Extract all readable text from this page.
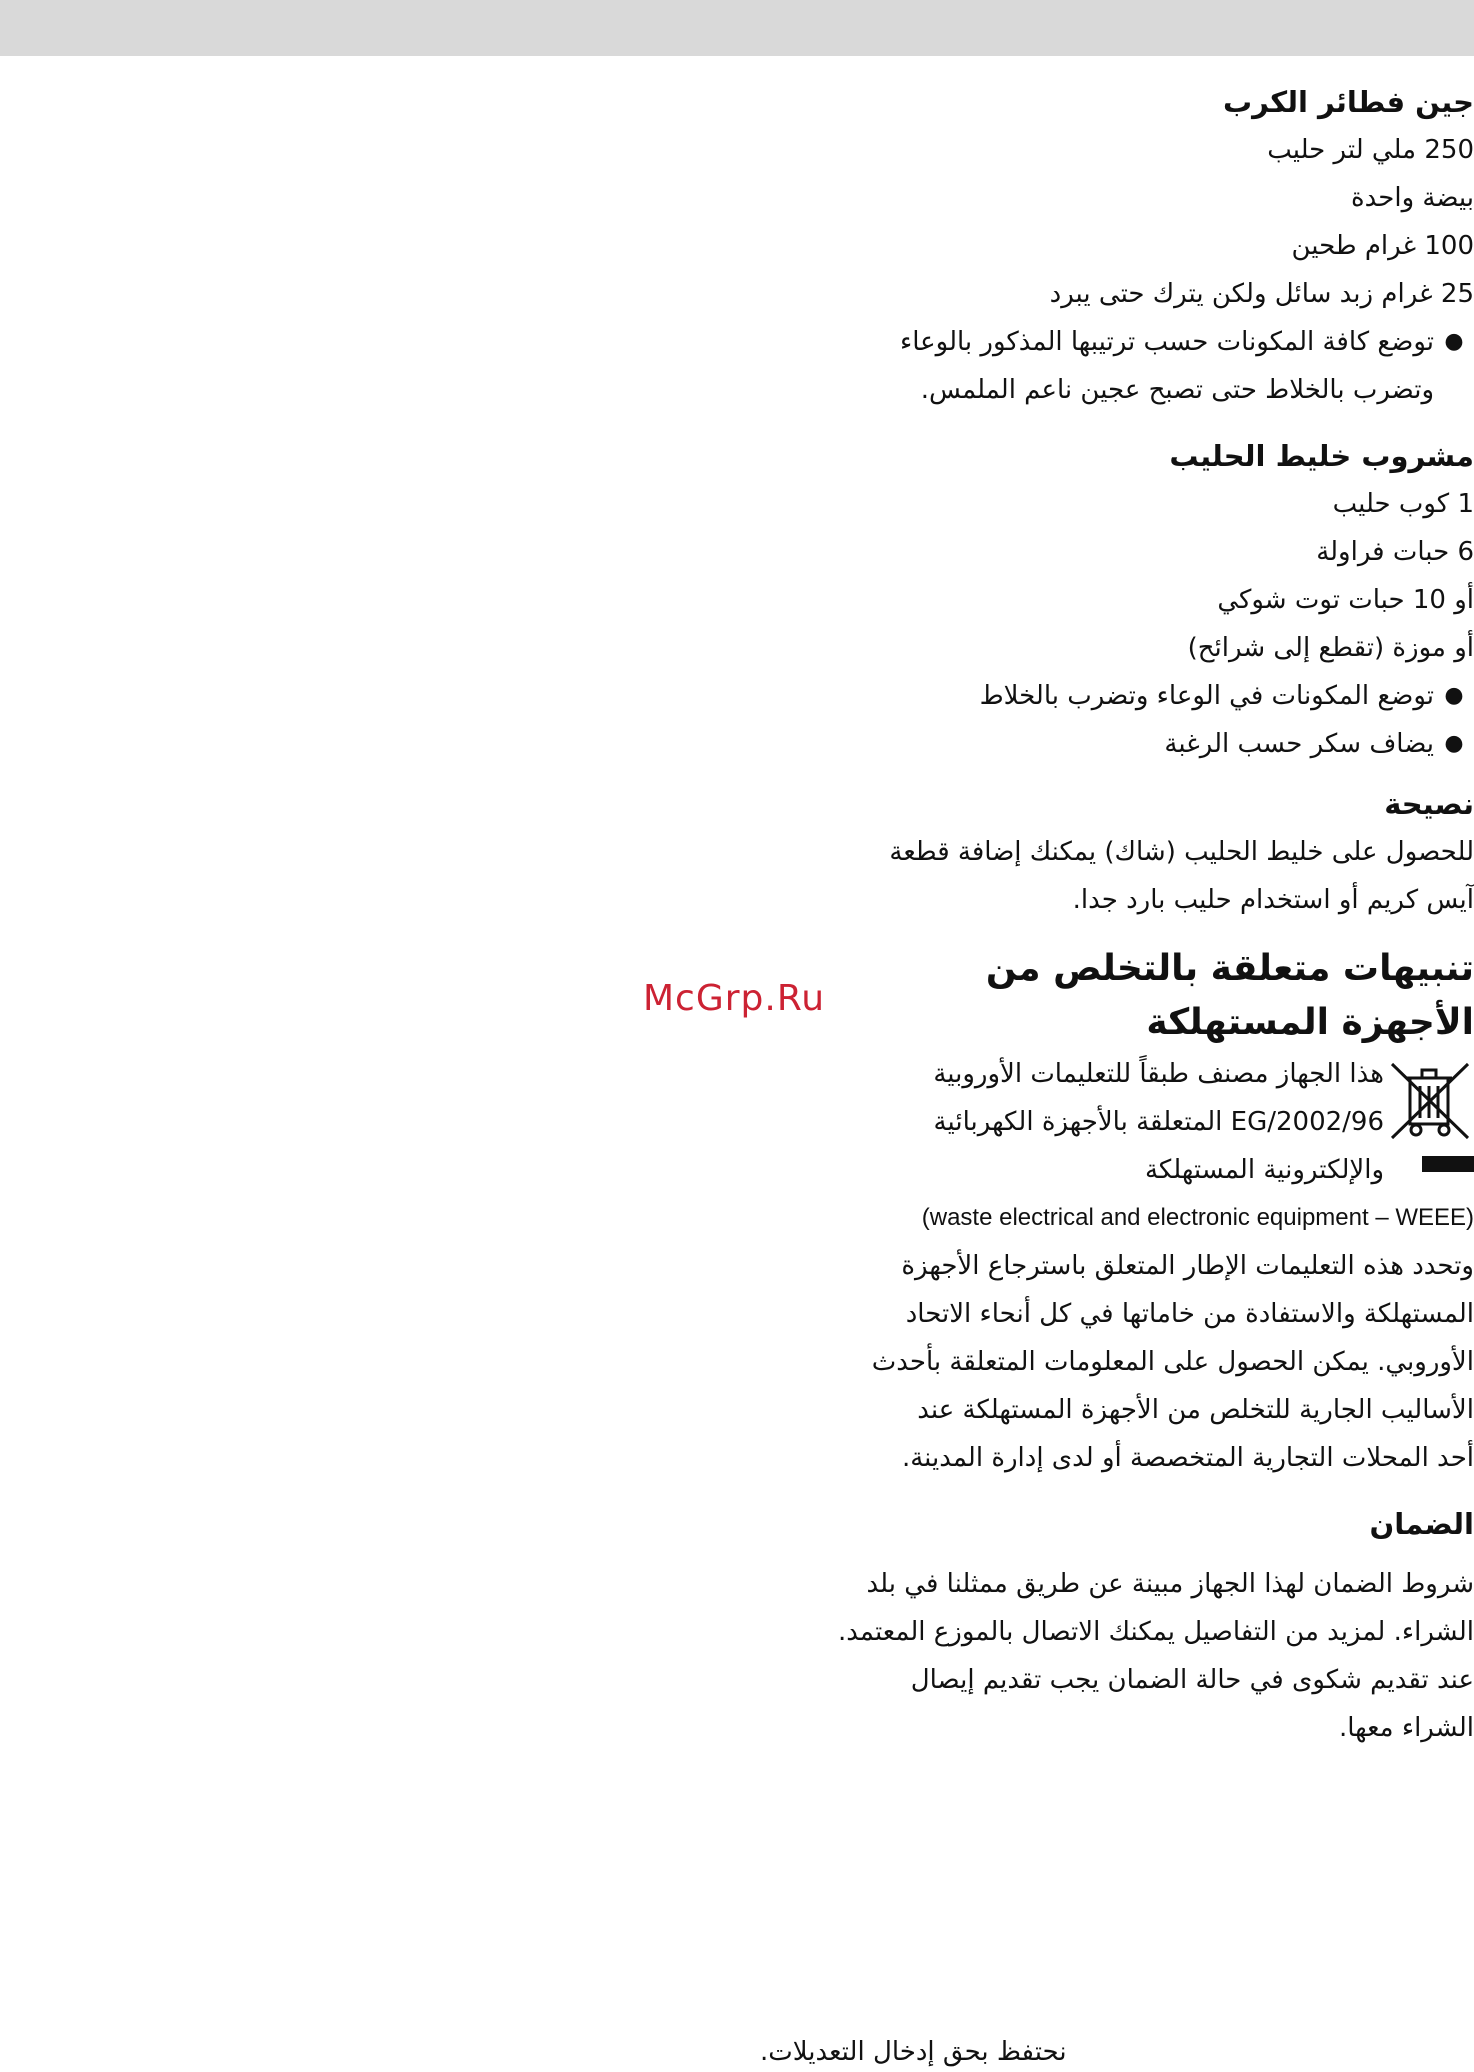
McGrp.Ru

جين فطائر الكرب

250 ملي لتر حليب

بيضة واحدة

100 غرام طحين

25 غرام زبد سائل ولكن يترك حتى يبرد

●
توضع كافة المكونات حسب ترتيبها المذكور بالوعاء

وتضرب بالخلاط حتى تصبح عجين ناعم الملمس.

مشروب خليط الحليب

1 كوب حليب

6 حبات فراولة

أو 10 حبات توت شوكي

أو موزة (تقطع إلى شرائح)

●
توضع المكونات في الوعاء وتضرب بالخلاط
●
يضاف سكر حسب الرغبة

نصيحة

للحصول على خليط الحليب (شاك) يمكنك إضافة قطعة

آيس كريم أو استخدام حليب بارد جدا.

تنبيهات متعلقة بالتخلص من

الأجهزة المستهلكة

هذا الجهاز مصنف طبقاً للتعليمات الأوروبية

2002/96/EG المتعلقة بالأجهزة الكهربائية

والإلكترونية المستهلكة

(waste electrical and electronic equipment – WEEE)

وتحدد هذه التعليمات الإطار المتعلق باسترجاع الأجهزة

المستهلكة والاستفادة من خاماتها في كل أنحاء الاتحاد

الأوروبي. يمكن الحصول على المعلومات المتعلقة بأحدث

الأساليب الجارية للتخلص من الأجهزة المستهلكة عند

أحد المحلات التجارية المتخصصة أو لدى إدارة المدينة.

الضمان

شروط الضمان لهذا الجهاز مبينة عن طريق ممثلنا في بلد

الشراء. لمزيد من التفاصيل يمكنك الاتصال بالموزع المعتمد.

عند تقديم شكوى في حالة الضمان يجب تقديم إيصال

الشراء معها.

نحتفظ بحق إدخال التعديلات.
